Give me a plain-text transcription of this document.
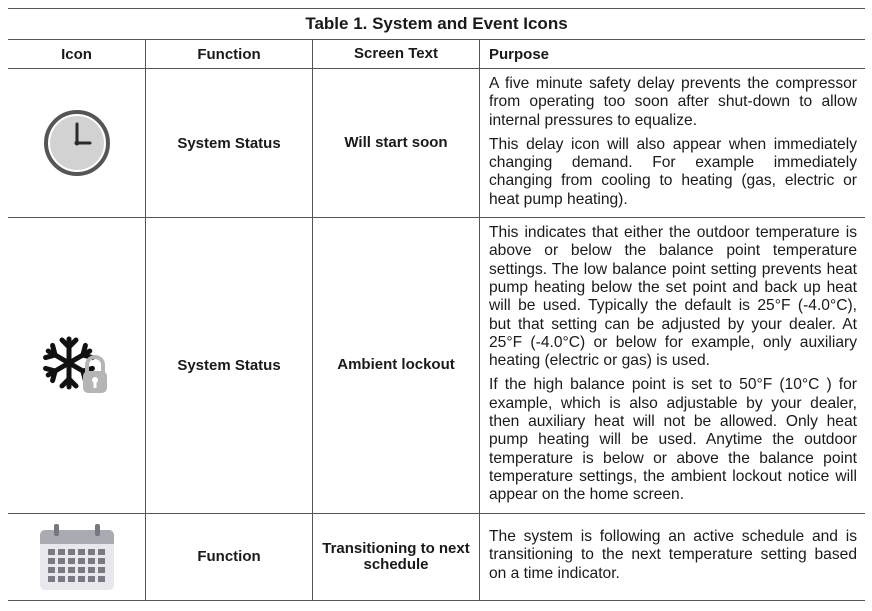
Table 1. System and Event Icons
Icon	Function	Screen Text	Purpose
	System Status	Will start soon	A five minute safety delay prevents the compressor from operating too soon after shut-down to allow internal pressures to equalize.

This delay icon will also appear when immediately changing demand. For example immediately changing from cooling to heating (gas, electric or heat pump heating).

	System Status	Ambient lockout	This indicates that either the outdoor temperature is above or below the balance point temperature settings. The low balance point setting prevents heat pump heating below the set point and back up heat will be used. Typically the default is 25°F (-4.0°C), but that setting can be adjusted by your dealer. At 25°F (-4.0°C) or below for example, only auxiliary heating (electric or gas) is used.

If the high balance point is set to 50°F (10°C ) for example, which is also adjustable by your dealer, then auxiliary heat will not be allowed. Only heat pump heating will be used. Anytime the outdoor temperature is below or above the balance point temperature settings, the ambient lockout notice will appear on the home screen.

	Function	Transitioning to next schedule	The system is following an active schedule and is transitioning to the next temperature setting based on a time indicator.
